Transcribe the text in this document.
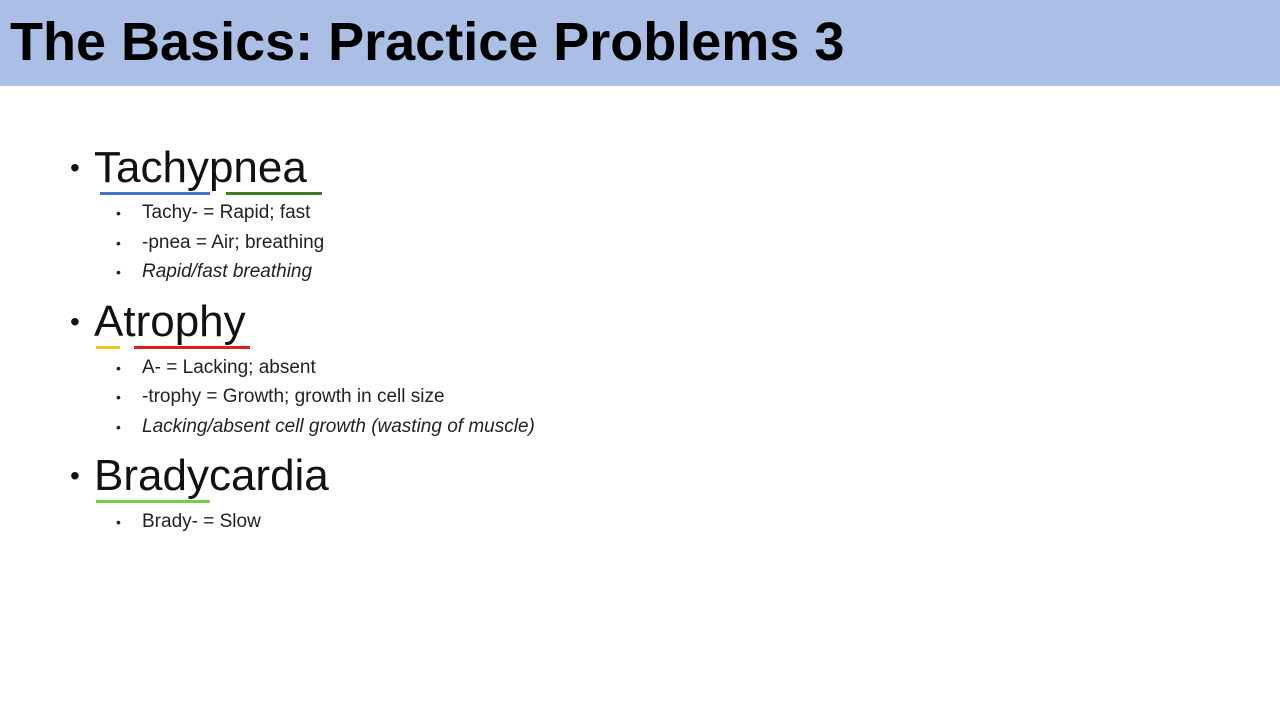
The Basics: Practice Problems 3
• Tachypnea
• Tachy- = Rapid; fast
• -pnea = Air; breathing
• Rapid/fast breathing
• Atrophy
• A- = Lacking; absent
• -trophy = Growth; growth in cell size
• Lacking/absent cell growth (wasting of muscle)
• Bradycardia
• Brady- = Slow
